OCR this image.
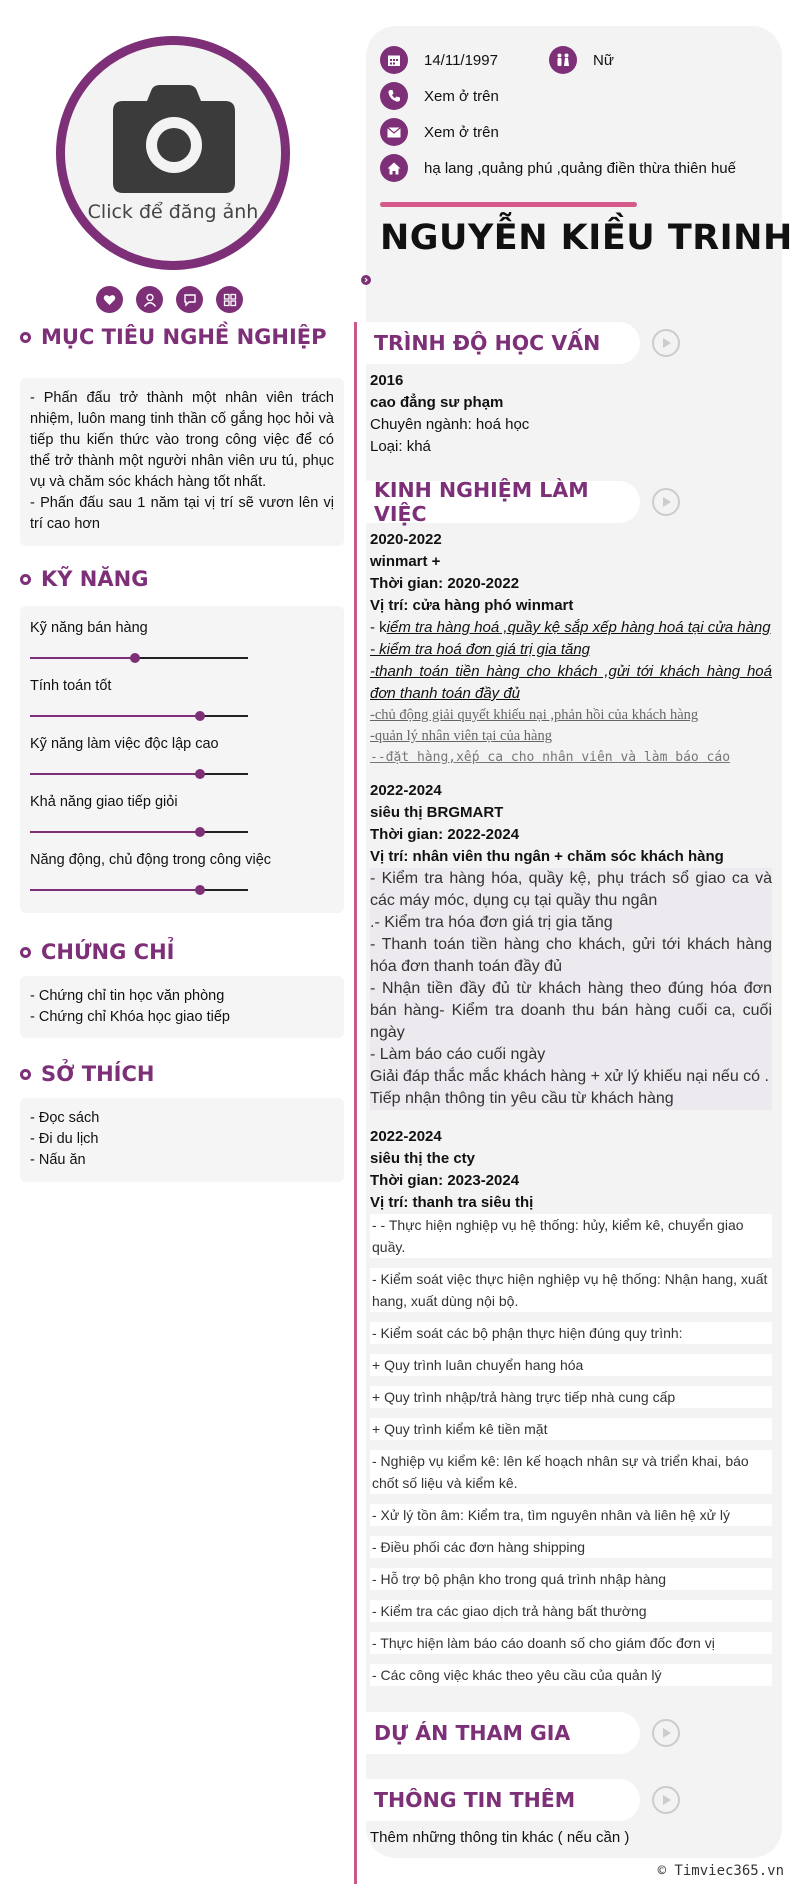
Click để đăng ảnh
MỤC TIÊU NGHỀ NGHIỆP
- Phấn đấu trở thành một nhân viên trách nhiệm, luôn mang tinh thần cố gắng học hỏi và tiếp thu kiến thức vào trong công việc để có thể trở thành một người nhân viên ưu tú, phục vụ và chăm sóc khách hàng tốt nhất.
- Phấn đấu sau 1 năm tại vị trí sẽ vươn lên vị trí cao hơn
KỸ NĂNG
Kỹ năng bán hàng
Tính toán tốt
Kỹ năng làm việc độc lập cao
Khả năng giao tiếp giỏi
Năng động, chủ động trong công việc
CHỨNG CHỈ
- Chứng chỉ tin học văn phòng
- Chứng chỉ Khóa học giao tiếp
SỞ THÍCH
- Đọc sách
- Đi du lịch
- Nấu ăn
14/11/1997	Nữ
Xem ở trên
Xem ở trên
hạ lang ,quảng phú ,quảng điền thừa thiên huế
NGUYỄN KIỀU TRINH
TRÌNH ĐỘ HỌC VẤN
2016
cao đẳng sư phạm
Chuyên ngành: hoá học
Loại: khá
KINH NGHIỆM LÀM VIỆC
2020-2022
winmart +
Thời gian: 2020-2022
Vị trí: cửa hàng phó winmart
- kiểm tra hàng hoá ,quầy kệ sắp xếp hàng hoá tại cửa hàng
- kiểm tra hoá đơn giá trị gia tăng
-thanh toán tiền hàng cho khách ,gửi tới khách hàng hoá đơn thanh toán đầy đủ
-chủ động giải quyết khiếu nại ,phản hồi của khách hàng
-quản lý nhân viên tại của hàng
--đặt hàng,xếp ca cho nhân viên và làm báo cáo
2022-2024
siêu thị BRGMART
Thời gian: 2022-2024
Vị trí: nhân viên thu ngân + chăm sóc khách hàng
- Kiểm tra hàng hóa, quầy kệ, phụ trách sổ giao ca và các máy móc, dụng cụ tại quầy thu ngân
.- Kiểm tra hóa đơn giá trị gia tăng
- Thanh toán tiền hàng cho khách, gửi tới khách hàng hóa đơn thanh toán đầy đủ
- Nhận tiền đầy đủ từ khách hàng theo đúng hóa đơn bán hàng- Kiểm tra doanh thu bán hàng cuối ca, cuối ngày
- Làm báo cáo cuối ngày
Giải đáp thắc mắc khách hàng + xử lý khiếu nại nếu có .
Tiếp nhận thông tin yêu cầu từ khách hàng
2022-2024
siêu thị the cty
Thời gian: 2023-2024
Vị trí: thanh tra siêu thị
- - Thực hiện nghiệp vụ hệ thống: hủy, kiểm kê, chuyển giao quầy.
- Kiểm soát việc thực hiện nghiệp vụ hệ thống: Nhận hang, xuất hang, xuất dùng nội bộ.
- Kiểm soát các bộ phận thực hiện đúng quy trình:
+ Quy trình luân chuyển hang hóa
+ Quy trình nhập/trả hàng trực tiếp nhà cung cấp
+ Quy trình kiểm kê tiền mặt
- Nghiệp vụ kiểm kê: lên kế hoạch nhân sự và triển khai, báo chốt số liệu và kiểm kê.
- Xử lý tồn âm: Kiểm tra, tìm nguyên nhân và liên hệ xử lý
- Điều phối các đơn hàng shipping
- Hỗ trợ bộ phận kho trong quá trình nhập hàng
- Kiểm tra các giao dịch trả hàng bất thường
- Thực hiện làm báo cáo doanh số cho giám đốc đơn vị
- Các công việc khác theo yêu cầu của quản lý
DỰ ÁN THAM GIA
THÔNG TIN THÊM
Thêm những thông tin khác ( nếu cần )
© Timviec365.vn
